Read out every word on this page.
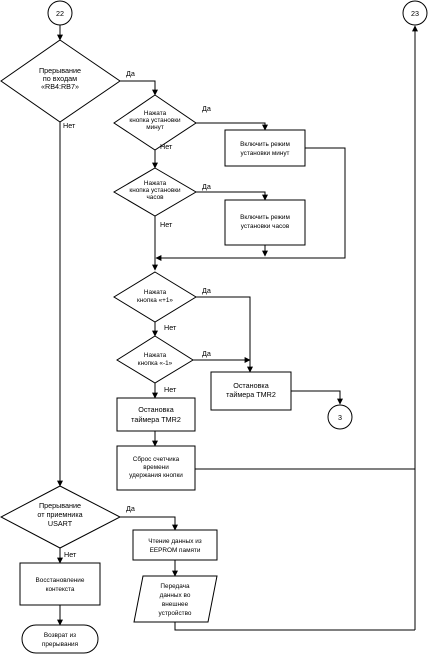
22	23
3
Прерывание
по входам
«RB4:RB7»
Нажата
кнопка установки
минут
Нажата
кнопка установки
часов
Нажата
кнопка «+1»
Нажата
кнопка «-1»
Прерывание
от приемника
USART
Включить режим
установки минут
Включить режим
установки часов
Остановка
таймера TMR2
Остановка
таймера TMR2
Сброс счетчика
времени
удержания кнопки
Чтение данных из
EEPROM памяти
Передача
данных во
внешнее
устройство
Восстановление
контекста
Возврат из
прерывания
Да
Нет
Да
Нет
Да
Нет
Да
Нет
Да
Нет
Да
Нет
